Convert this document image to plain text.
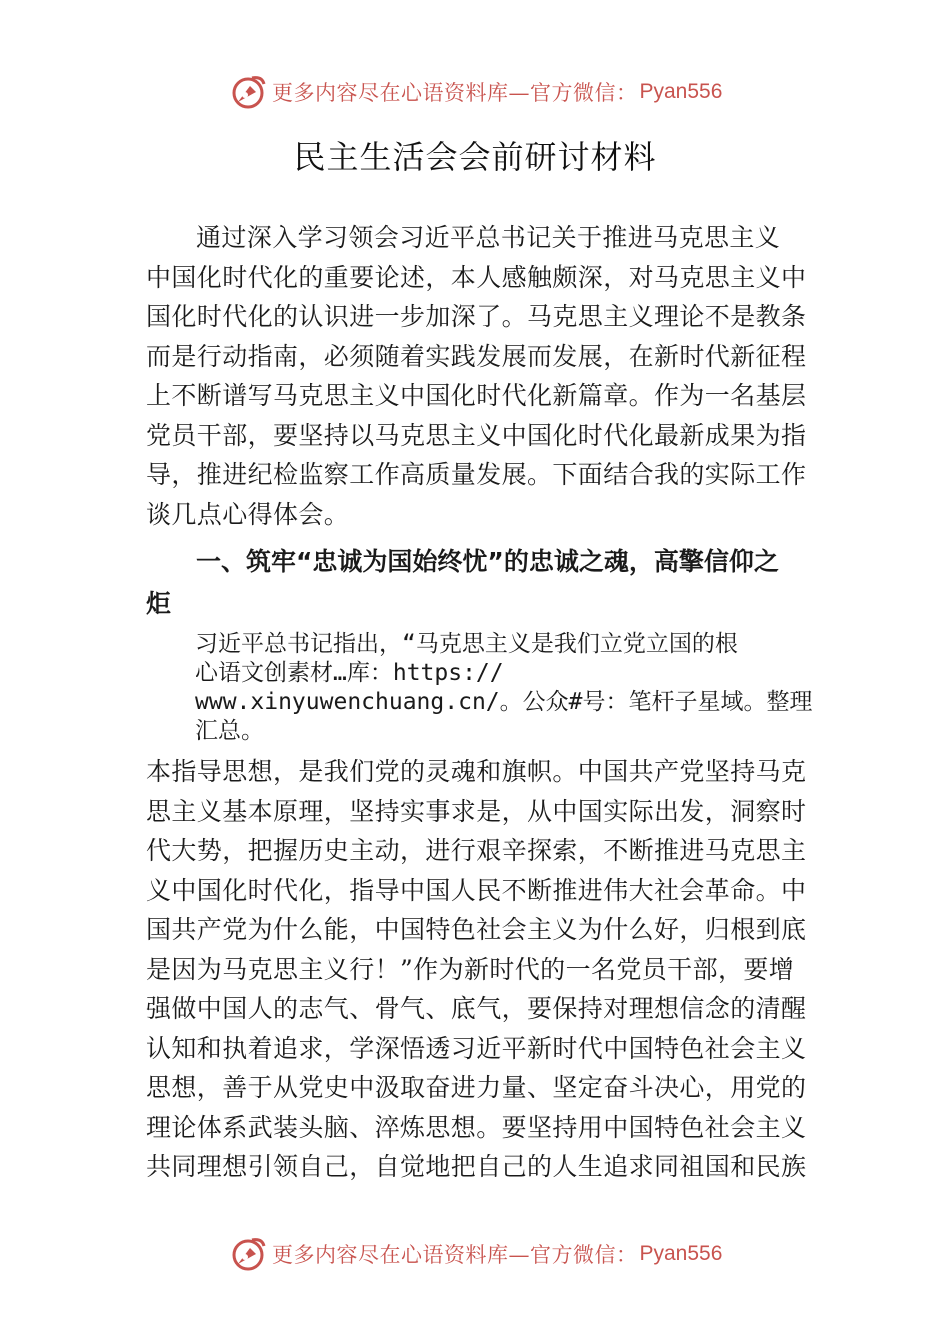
更多内容尽在心语资料库—官方微信： Pyan556
民主生活会会前研讨材料
通过深入学习领会习近平总书记关于推进马克思主义
中国化时代化的重要论述，本人感触颇深，对马克思主义中
国化时代化的认识进一步加深了。马克思主义理论不是教条
而是行动指南，必须随着实践发展而发展，在新时代新征程
上不断谱写马克思主义中国化时代化新篇章。作为一名基层
党员干部，要坚持以马克思主义中国化时代化最新成果为指
导，推进纪检监察工作高质量发展。下面结合我的实际工作
谈几点心得体会。
　　一、筑牢“忠诚为国始终忧”的忠诚之魂，高擎信仰之
炬
习近平总书记指出，“马克思主义是我们立党立国的根
心语文创素材…库：https://
www.xinyuwenchuang.cn/。公众#号：笔杆子星域。整理
汇总。
本指导思想，是我们党的灵魂和旗帜。中国共产党坚持马克
思主义基本原理，坚持实事求是，从中国实际出发，洞察时
代大势，把握历史主动，进行艰辛探索，不断推进马克思主
义中国化时代化，指导中国人民不断推进伟大社会革命。中
国共产党为什么能，中国特色社会主义为什么好，归根到底
是因为马克思主义行！”作为新时代的一名党员干部，要增
强做中国人的志气、骨气、底气，要保持对理想信念的清醒
认知和执着追求，学深悟透习近平新时代中国特色社会主义
思想，善于从党史中汲取奋进力量、坚定奋斗决心，用党的
理论体系武装头脑、淬炼思想。要坚持用中国特色社会主义
共同理想引领自己，自觉地把自己的人生追求同祖国和民族
更多内容尽在心语资料库—官方微信： Pyan556
